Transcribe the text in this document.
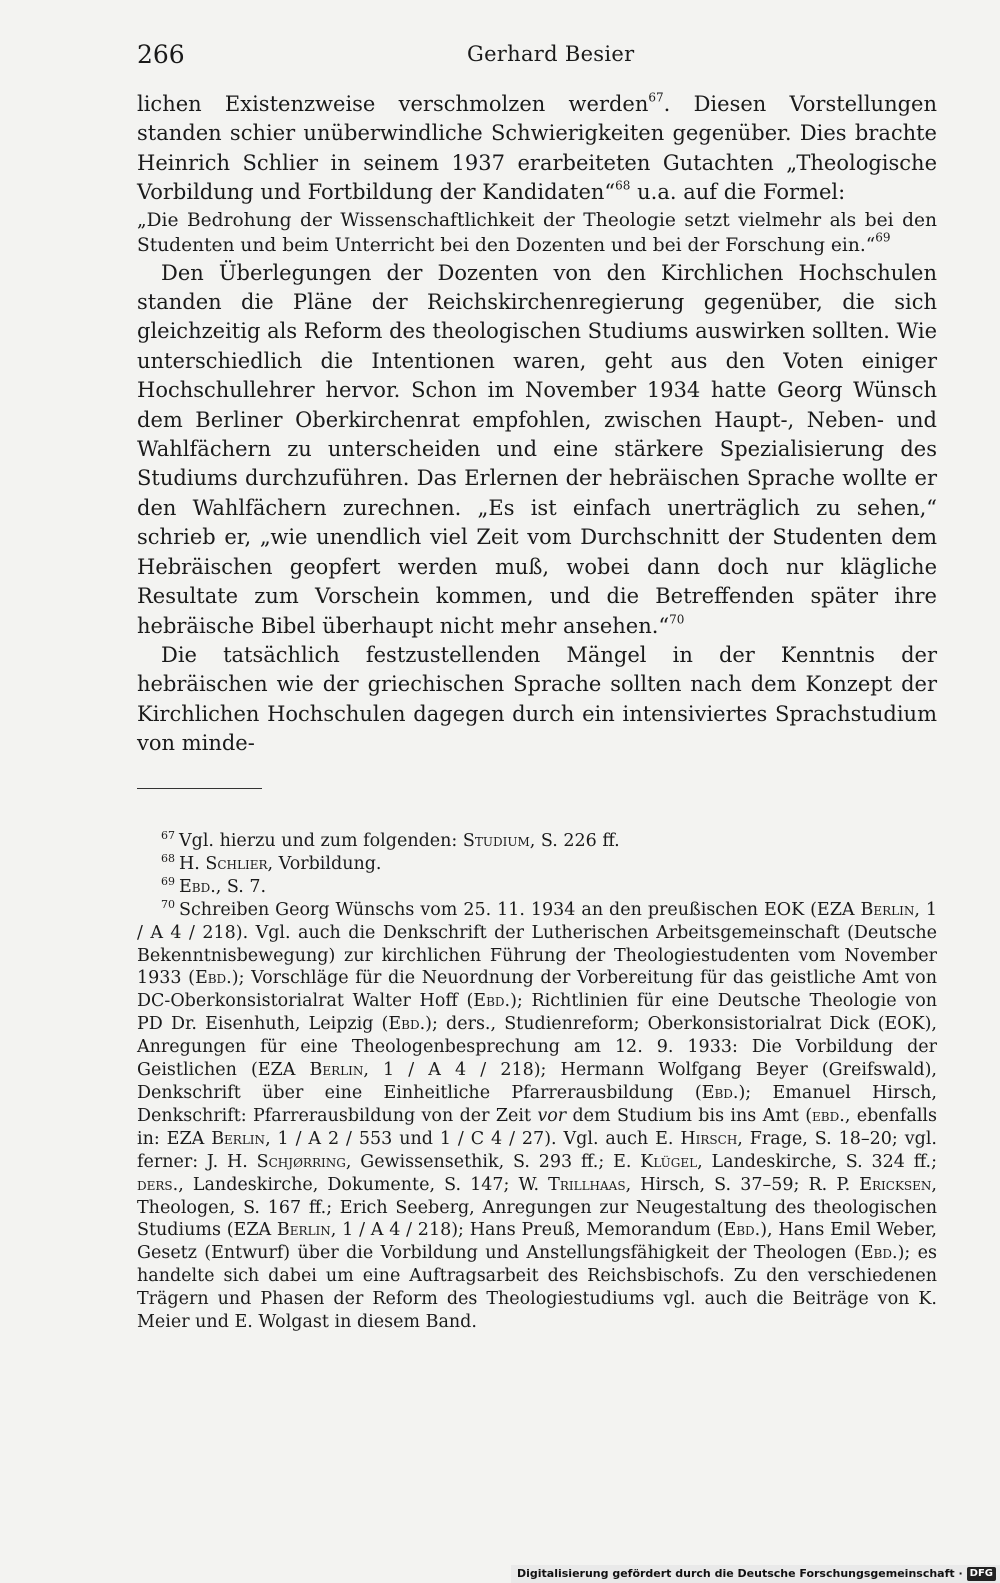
266	Gerhard Besier

lichen Existenzweise verschmolzen werden$^{67}$. Diesen Vorstellungen standen schier unüberwindliche Schwierigkeiten gegenüber. Dies brachte Heinrich Schlier in seinem 1937 erarbeiteten Gutachten „Theologische Vorbildung und Fortbildung der Kandidaten“$^{68}$ u.a. auf die Formel:

„Die Bedrohung der Wissenschaftlichkeit der Theologie setzt vielmehr als bei den Studenten und beim Unterricht bei den Dozenten und bei der Forschung ein.“$^{69}$

Den Überlegungen der Dozenten von den Kirchlichen Hochschulen standen die Pläne der Reichskirchenregierung gegenüber, die sich gleichzeitig als Reform des theologischen Studiums auswirken sollten. Wie unterschiedlich die Intentionen waren, geht aus den Voten einiger Hochschullehrer hervor. Schon im November 1934 hatte Georg Wünsch dem Berliner Oberkirchenrat empfohlen, zwischen Haupt-, Neben- und Wahlfächern zu unterscheiden und eine stärkere Spezialisierung des Studiums durchzuführen. Das Erlernen der hebräischen Sprache wollte er den Wahlfächern zurechnen. „Es ist einfach unerträglich zu sehen,“ schrieb er, „wie unendlich viel Zeit vom Durchschnitt der Studenten dem Hebräischen geopfert werden muß, wobei dann doch nur klägliche Resultate zum Vorschein kommen, und die Betreffenden später ihre hebräische Bibel überhaupt nicht mehr ansehen.“$^{70}$

Die tatsächlich festzustellenden Mängel in der Kenntnis der hebräischen wie der griechischen Sprache sollten nach dem Konzept der Kirchlichen Hochschulen dagegen durch ein intensiviertes Sprachstudium von minde-

$^{67}$ Vgl. hierzu und zum folgenden: Studium, S. 226 ff.

$^{68}$ H. Schlier, Vorbildung.

$^{69}$ Ebd., S. 7.

$^{70}$ Schreiben Georg Wünschs vom 25. 11. 1934 an den preußischen EOK (EZA Berlin, 1 / A 4 / 218). Vgl. auch die Denkschrift der Lutherischen Arbeitsgemeinschaft (Deutsche Bekenntnisbewegung) zur kirchlichen Führung der Theologiestudenten vom November 1933 (Ebd.); Vorschläge für die Neuordnung der Vorbereitung für das geistliche Amt von DC-Oberkonsistorialrat Walter Hoff (Ebd.); Richtlinien für eine Deutsche Theologie von PD Dr. Eisenhuth, Leipzig (Ebd.); ders., Studienreform; Oberkonsistorialrat Dick (EOK), Anregungen für eine Theologenbesprechung am 12. 9. 1933: Die Vorbildung der Geistlichen (EZA Berlin, 1 / A 4 / 218); Hermann Wolfgang Beyer (Greifswald), Denkschrift über eine Einheitliche Pfarrerausbildung (Ebd.); Emanuel Hirsch, Denkschrift: Pfarrerausbildung von der Zeit vor dem Studium bis ins Amt (ebd., ebenfalls in: EZA Berlin, 1 / A 2 / 553 und 1 / C 4 / 27). Vgl. auch E. Hirsch, Frage, S. 18–20; vgl. ferner: J. H. Schjørring, Gewissensethik, S. 293 ff.; E. Klügel, Landeskirche, S. 324 ff.; ders., Landeskirche, Dokumente, S. 147; W. Trillhaas, Hirsch, S. 37–59; R. P. Ericksen, Theologen, S. 167 ff.; Erich Seeberg, Anregungen zur Neugestaltung des theologischen Studiums (EZA Berlin, 1 / A 4 / 218); Hans Preuß, Memorandum (Ebd.), Hans Emil Weber, Gesetz (Entwurf) über die Vorbildung und Anstellungsfähigkeit der Theologen (Ebd.); es handelte sich dabei um eine Auftragsarbeit des Reichsbischofs. Zu den verschiedenen Trägern und Phasen der Reform des Theologiestudiums vgl. auch die Beiträge von K. Meier und E. Wolgast in diesem Band.

Digitalisierung gefördert durch die Deutsche Forschungsgemeinschaft · DFG
